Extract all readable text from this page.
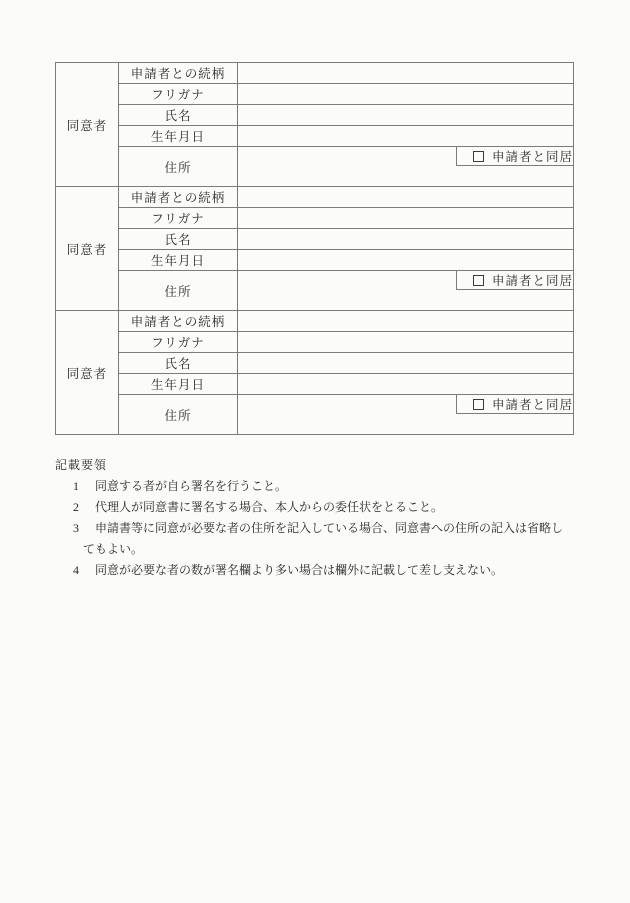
同意者	申請者との続柄	
	フリガナ	
	氏名	
	生年月日	
	住所	申請者と同居

同意者	申請者との続柄	
	フリガナ	
	氏名	
	生年月日	
	住所	申請者と同居

同意者	申請者との続柄	
	フリガナ	
	氏名	
	生年月日	
	住所	申請者と同居
記載要領
1 同意する者が自ら署名を行うこと。
2 代理人が同意書に署名する場合、本人からの委任状をとること。
3 申請書等に同意が必要な者の住所を記入している場合、同意書への住所の記入は省略してもよい。
4 同意が必要な者の数が署名欄より多い場合は欄外に記載して差し支えない。
